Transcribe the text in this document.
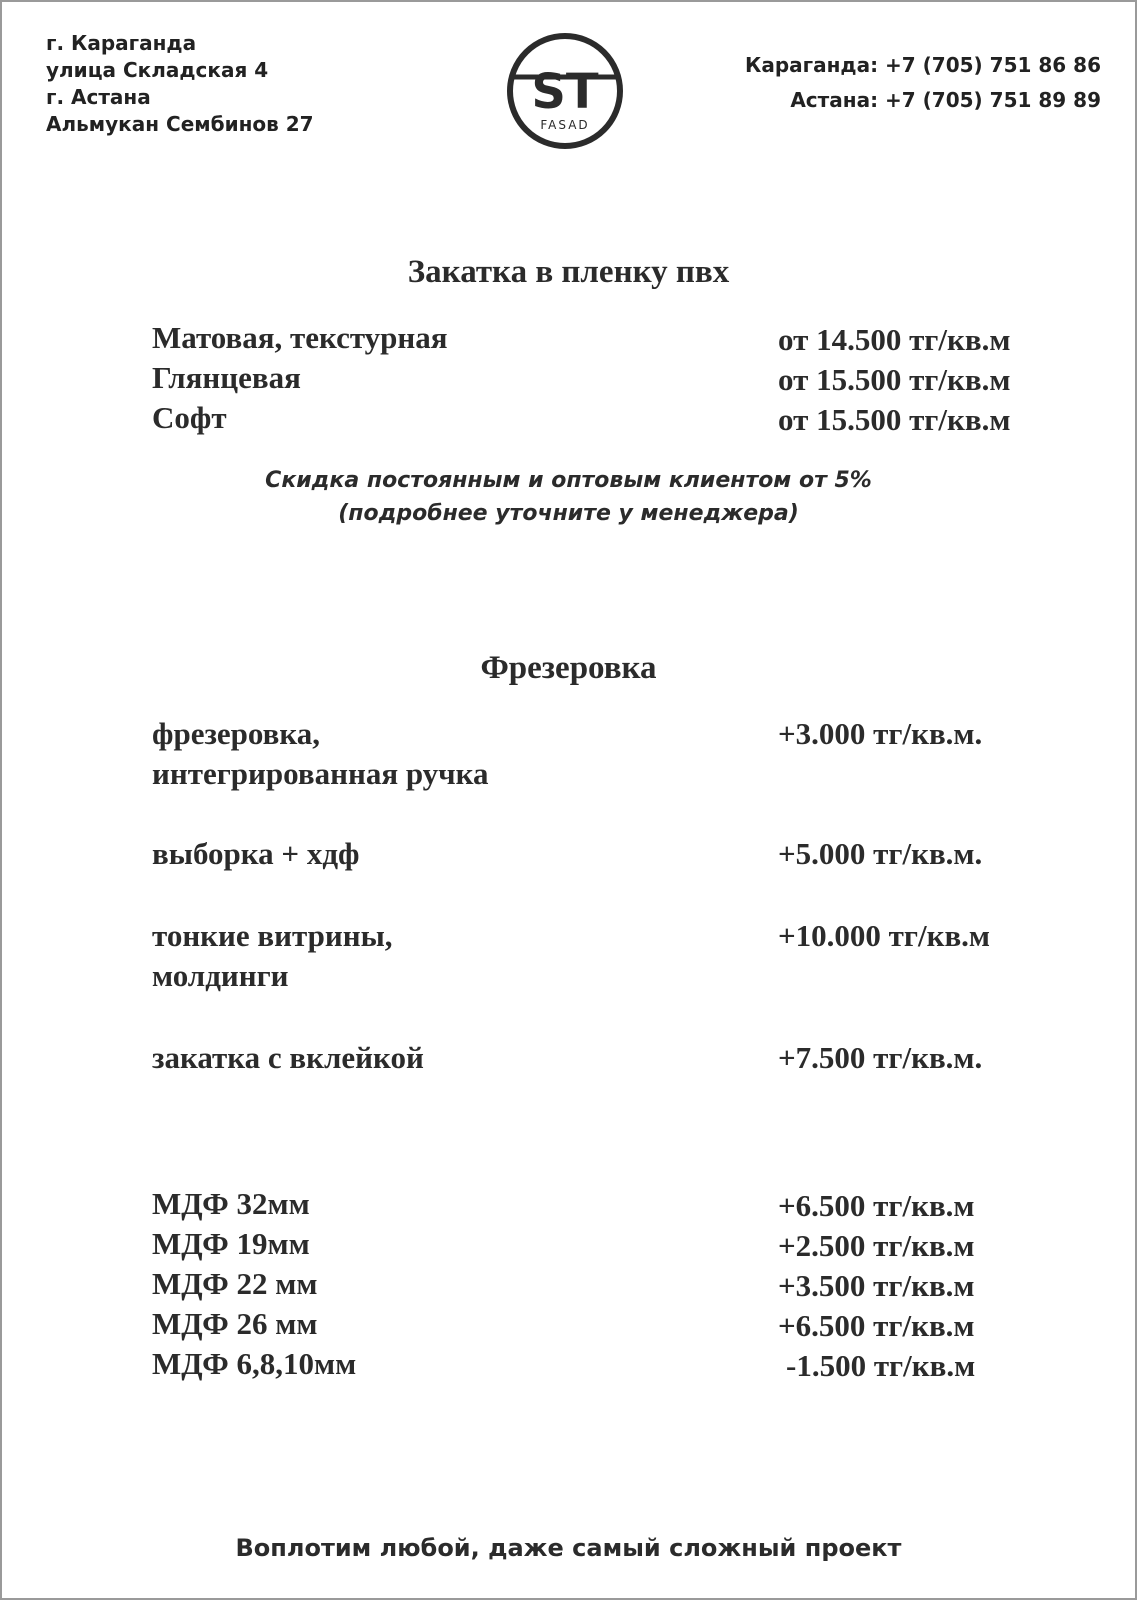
г. Караганда
улица Складская 4
г. Астана
Альмукан Сембинов 27
ST
FASAD
Караганда: +7 (705) 751 86 86
Астана: +7 (705) 751 89 89
Закатка в пленку пвх
Матовая, текстурная	от 14.500 тг/кв.м
Глянцевая	от 15.500 тг/кв.м
Софт	от 15.500 тг/кв.м
Скидка постоянным и оптовым клиентом от 5%
(подробнее уточните у менеджера)
Фрезеровка
фрезеровка,
интегрированная ручка
+3.000 тг/кв.м.
выборка + хдф	+5.000 тг/кв.м.
тонкие витрины,
молдинги
+10.000 тг/кв.м
закатка с вклейкой	+7.500 тг/кв.м.
МДФ 32мм	+6.500 тг/кв.м
МДФ 19мм	+2.500 тг/кв.м
МДФ 22 мм	+3.500 тг/кв.м
МДФ 26 мм	+6.500 тг/кв.м
МДФ 6,8,10мм	-1.500 тг/кв.м
Воплотим любой, даже самый сложный проект
